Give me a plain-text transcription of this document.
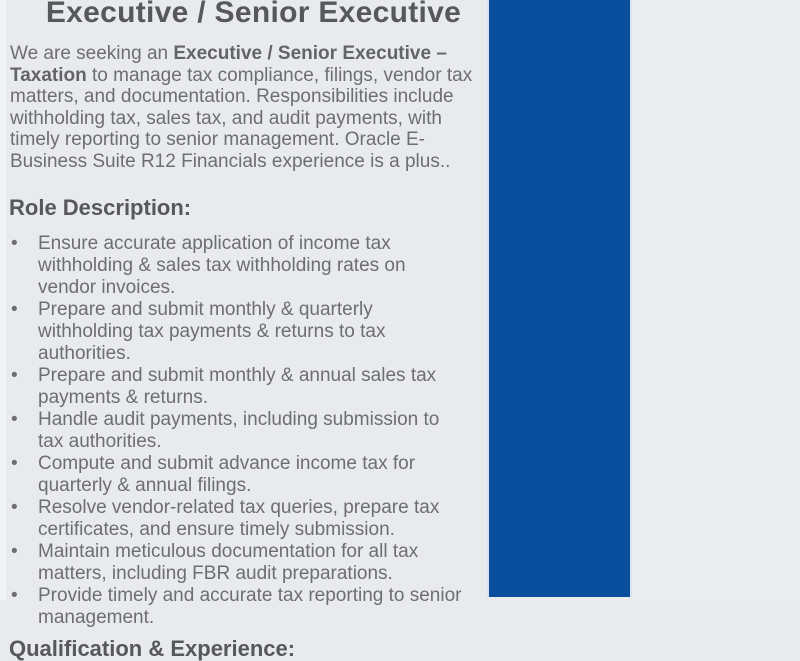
Executive / Senior Executive

We are seeking an Executive / Senior Executive – Taxation to manage tax compliance, filings, vendor tax matters, and documentation. Responsibilities include withholding tax, sales tax, and audit payments, with timely reporting to senior management. Oracle E-Business Suite R12 Financials experience is a plus..

Role Description:
• Ensure accurate application of income tax withholding & sales tax withholding rates on vendor invoices.
• Prepare and submit monthly & quarterly withholding tax payments & returns to tax authorities.
• Prepare and submit monthly & annual sales tax payments & returns.
• Handle audit payments, including submission to tax authorities.
• Compute and submit advance income tax for quarterly & annual filings.
• Resolve vendor-related tax queries, prepare tax certificates, and ensure timely submission.
• Maintain meticulous documentation for all tax matters, including FBR audit preparations.
• Provide timely and accurate tax reporting to senior management.
Qualification & Experience:
